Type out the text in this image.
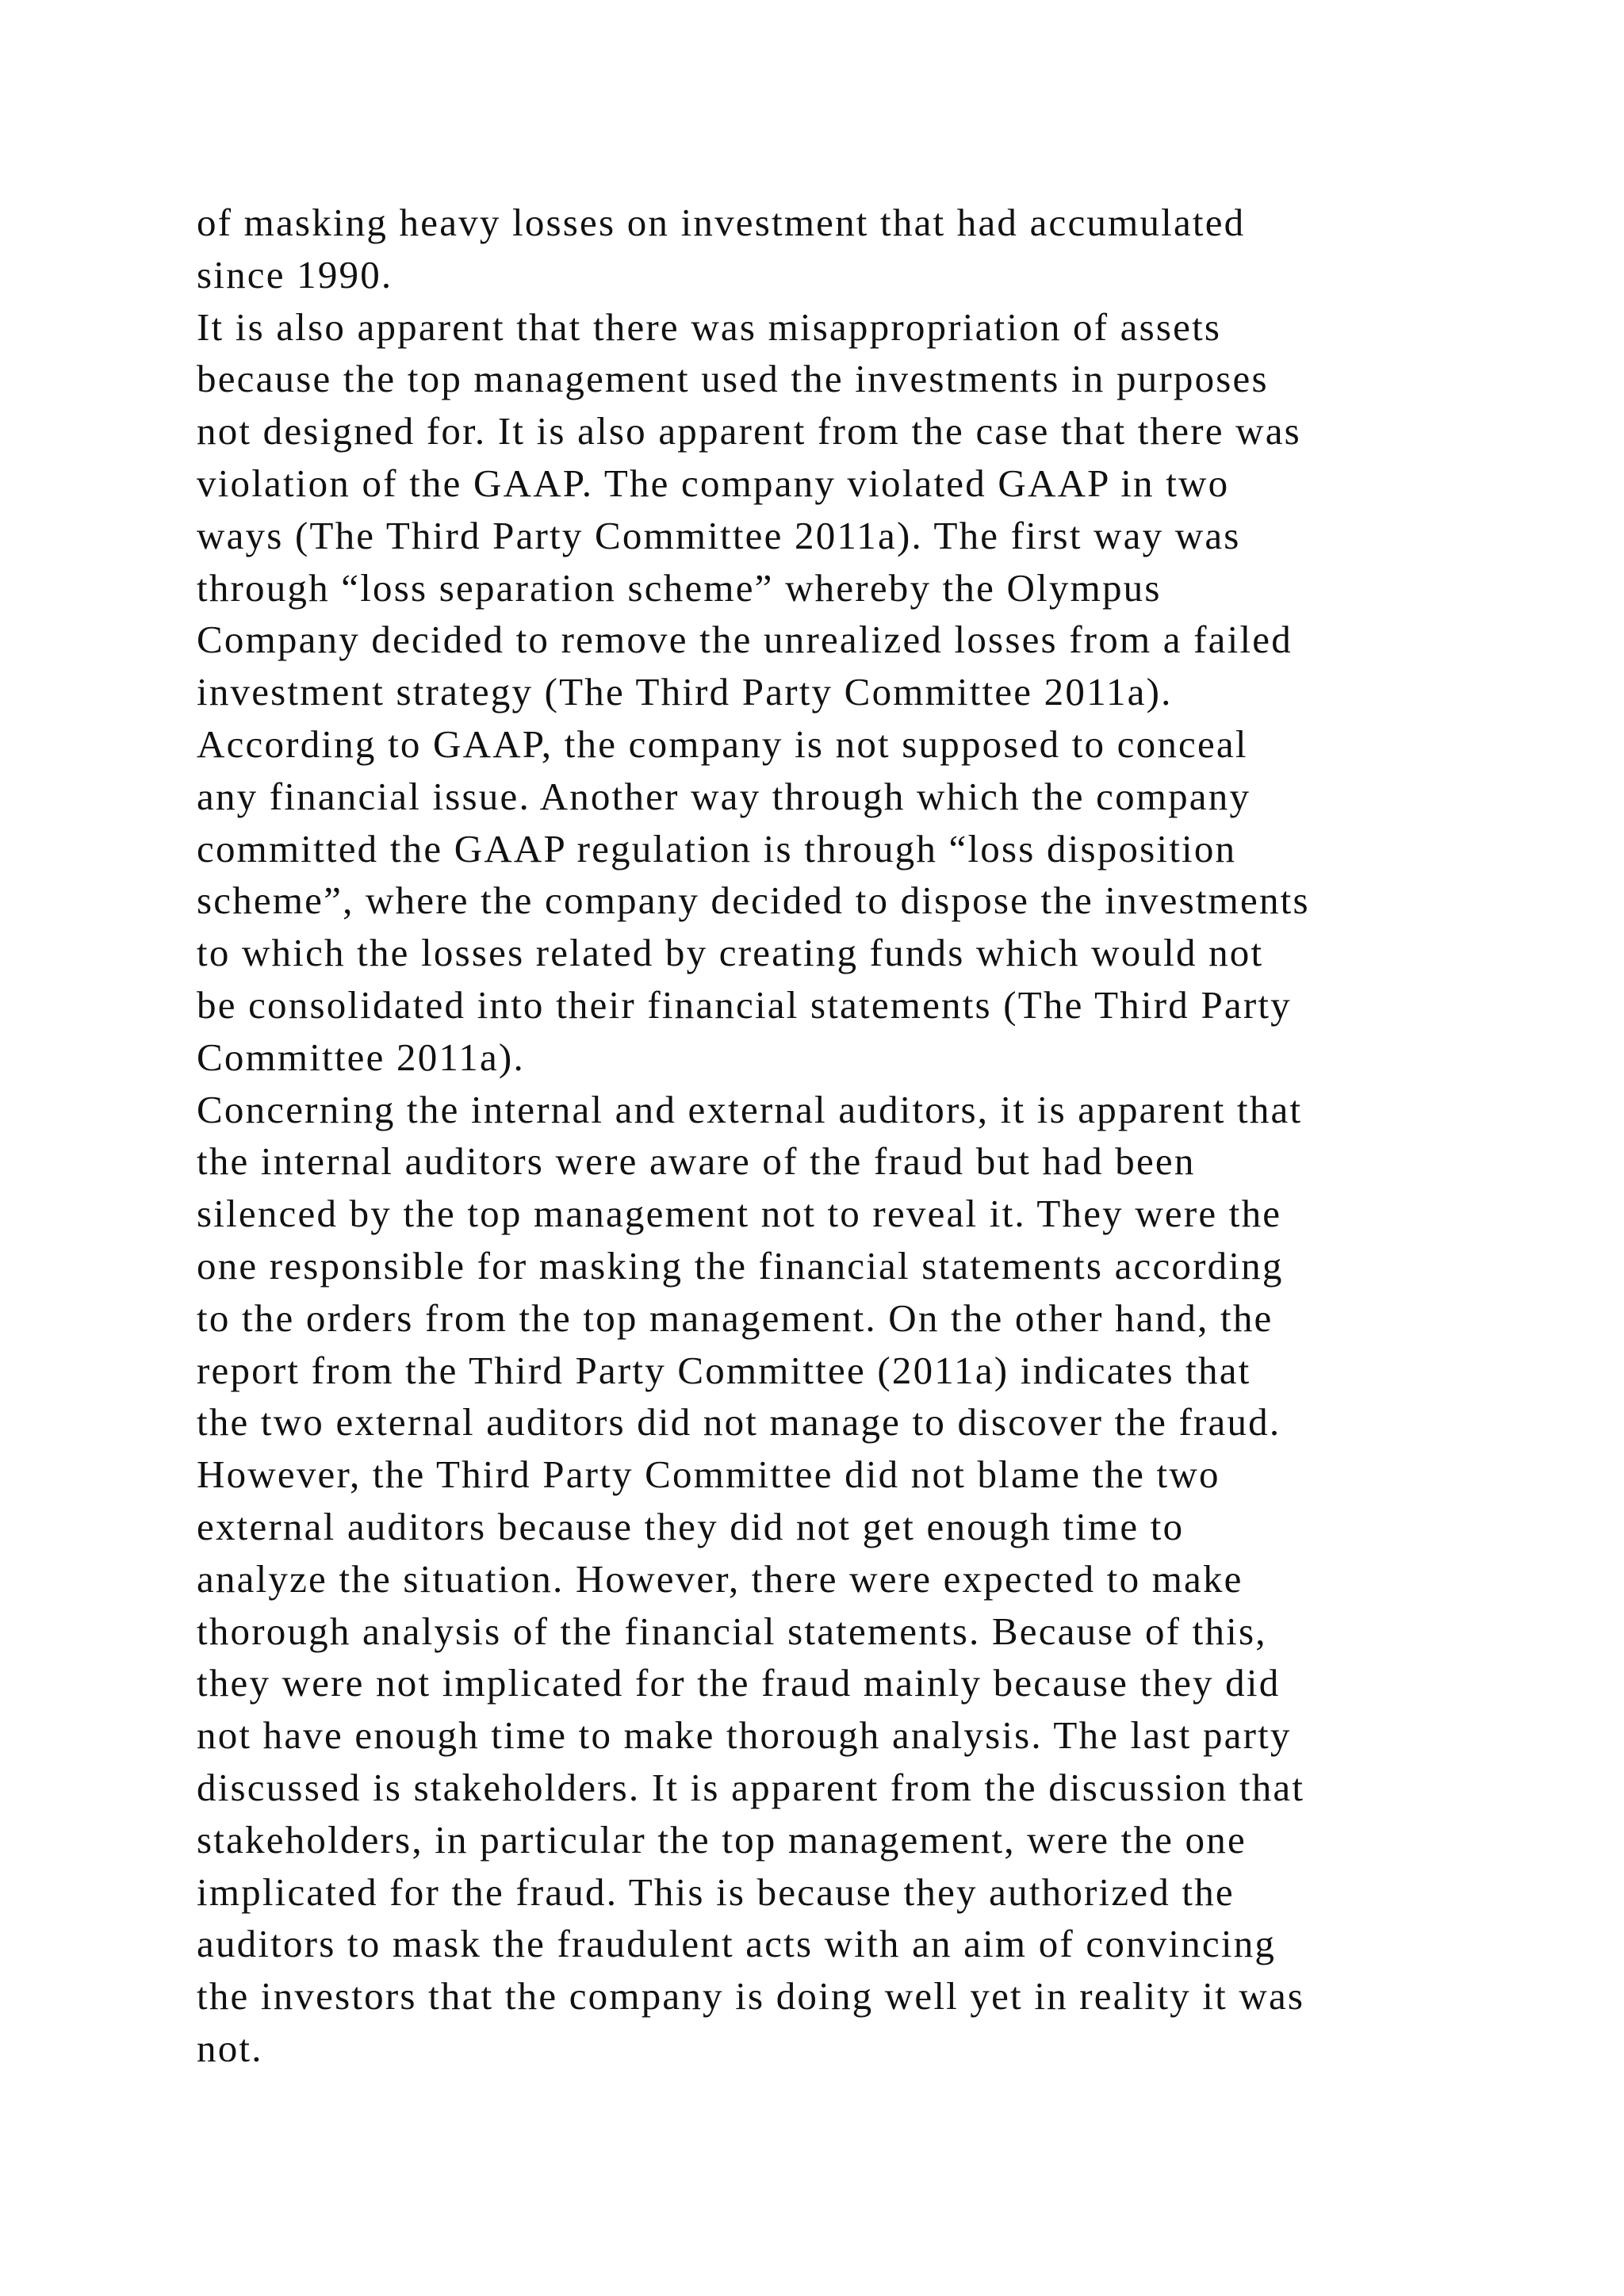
of masking heavy losses on investment that had accumulated
since 1990.
It is also apparent that there was misappropriation of assets
because the top management used the investments in purposes
not designed for. It is also apparent from the case that there was
violation of the GAAP. The company violated GAAP in two
ways (The Third Party Committee 2011a). The first way was
through “loss separation scheme” whereby the Olympus
Company decided to remove the unrealized losses from a failed
investment strategy (The Third Party Committee 2011a).
According to GAAP, the company is not supposed to conceal
any financial issue. Another way through which the company
committed the GAAP regulation is through “loss disposition
scheme”, where the company decided to dispose the investments
to which the losses related by creating funds which would not
be consolidated into their financial statements (The Third Party
Committee 2011a).
Concerning the internal and external auditors, it is apparent that
the internal auditors were aware of the fraud but had been
silenced by the top management not to reveal it. They were the
one responsible for masking the financial statements according
to the orders from the top management. On the other hand, the
report from the Third Party Committee (2011a) indicates that
the two external auditors did not manage to discover the fraud.
However, the Third Party Committee did not blame the two
external auditors because they did not get enough time to
analyze the situation. However, there were expected to make
thorough analysis of the financial statements. Because of this,
they were not implicated for the fraud mainly because they did
not have enough time to make thorough analysis. The last party
discussed is stakeholders. It is apparent from the discussion that
stakeholders, in particular the top management, were the one
implicated for the fraud. This is because they authorized the
auditors to mask the fraudulent acts with an aim of convincing
the investors that the company is doing well yet in reality it was
not.
